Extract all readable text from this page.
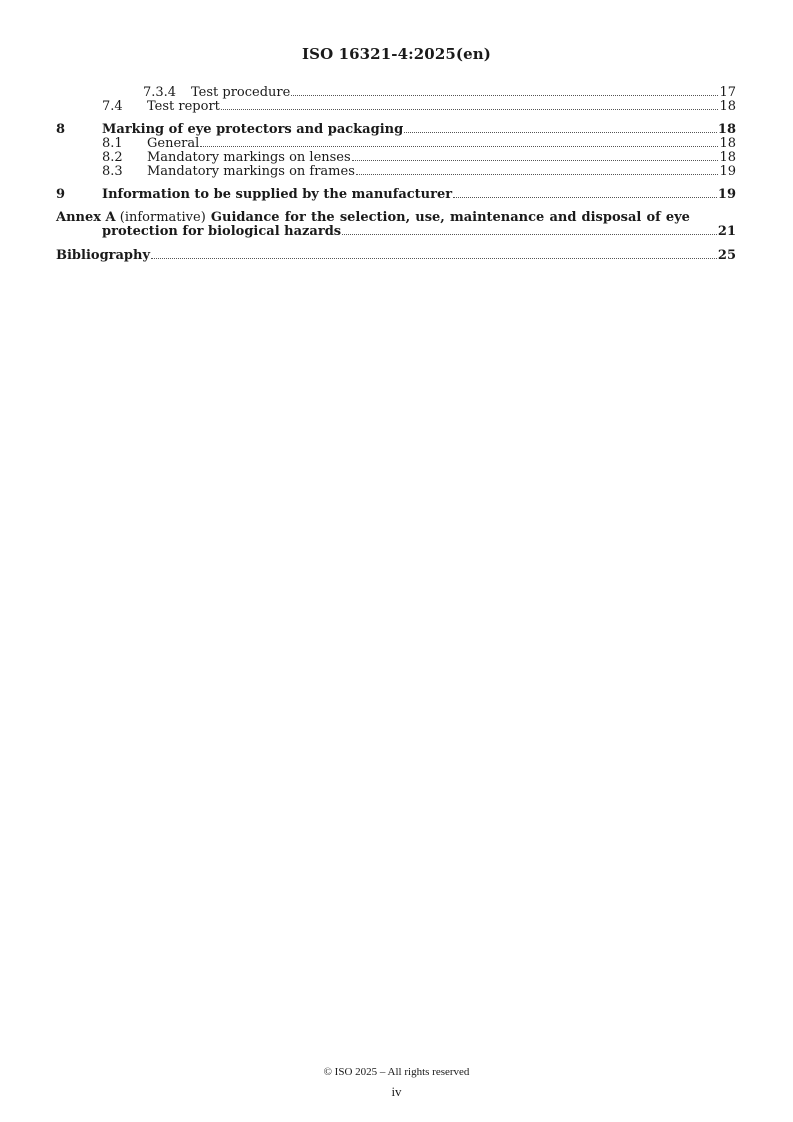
ISO 16321-4:2025(en)
7.3.4	Test procedure	17
7.4	Test report	18
8	Marking of eye protectors and packaging	18
8.1	General	18
8.2	Mandatory markings on lenses	18
8.3	Mandatory markings on frames	19
9	Information to be supplied by the manufacturer	19
Annex A (informative) Guidance for the selection, use, maintenance and disposal of eye
protection for biological hazards	21
Bibliography	25
© ISO 2025 – All rights reserved
iv
